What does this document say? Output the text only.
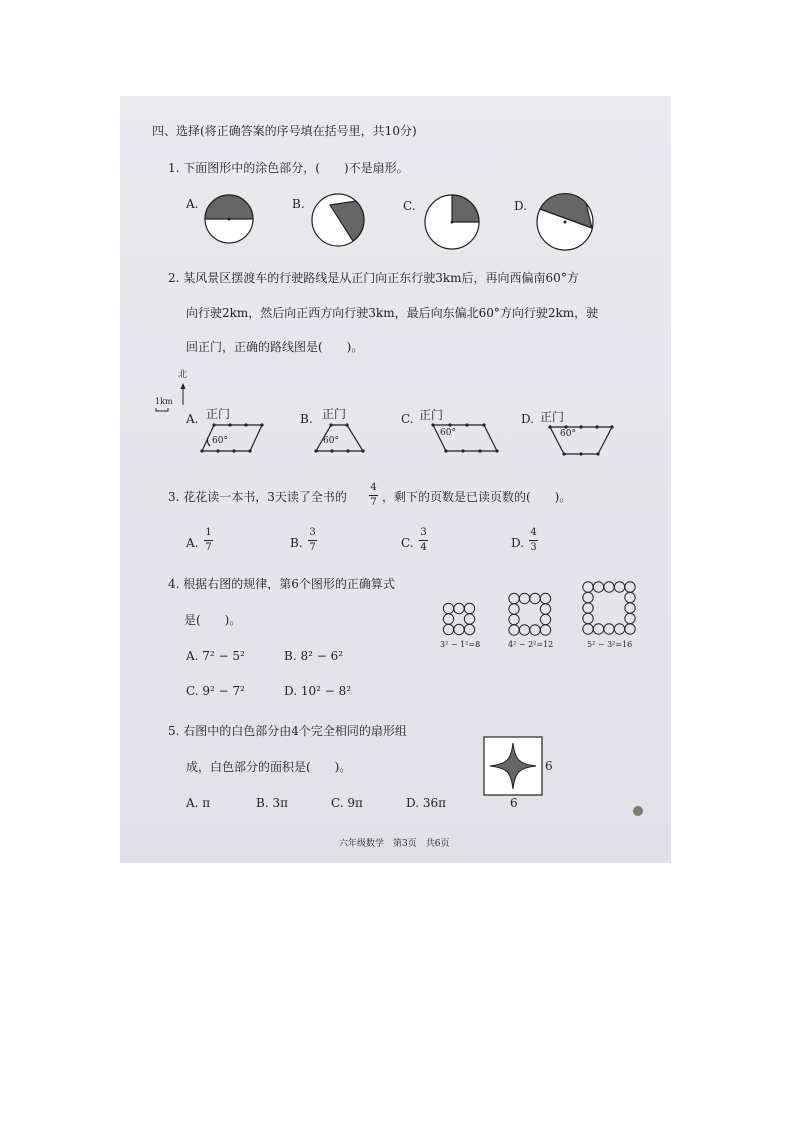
四、选择(将正确答案的序号填在括号里，共10分)
1. 下面图形中的涂色部分，(　　)不是扇形。
A.	B.	C.	D.
2. 某风景区摆渡车的行驶路线是从正门向正东行驶3km后，再向西偏南60°方
向行驶2km，然后向正西方向行驶3km，最后向东偏北60°方向行驶2km，驶
回正门，正确的路线图是(　　)。
北
1km
A.	B.	C.	D.
正门	正门	正门	正门
60°	60°
60°	60°
3. 花花读一本书，3天读了全书的
4
7 ，剩下的页数是已读页数的(　　)。
A.
1
7	B.
3
7	C.
3
4	D.
4
3
4. 根据右图的规律，第6个图形的正确算式
是(　　)。
A. 7² − 5²	B. 8² − 6²
C. 9² − 7²	D. 10² − 8²
3² − 1²=8	4² − 2²=12	5² − 3²=16
5. 右图中的白色部分由4个完全相同的扇形组
成，白色部分的面积是(　　)。
A. π	B. 3π	C. 9π	D. 36π
6
6
六年级数学　第3页　共6页
